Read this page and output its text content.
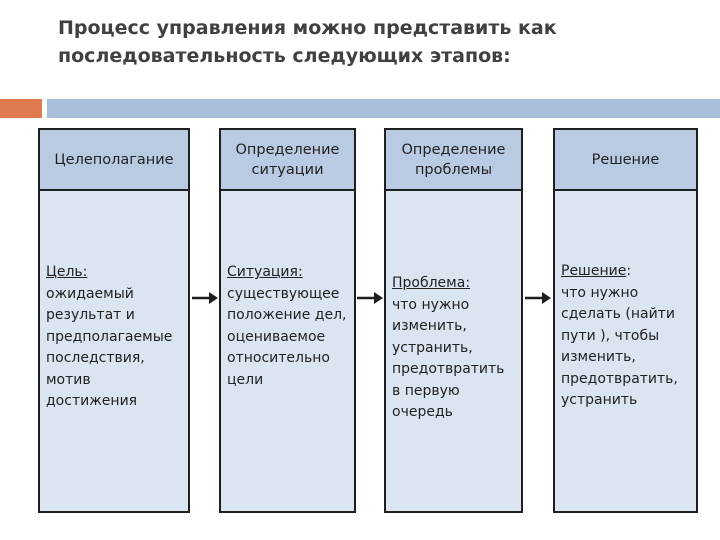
Процесс управления можно представить как
последовательность следующих этапов:
Целеполагание
Цель:
ожидаемый результат и предполагаемые последствия, мотив достижения
Определение
ситуации
Ситуация:
существующее положение дел, оцениваемое относительно цели
Определение
проблемы
Проблема:
что нужно изменить, устранить, предотвратить в первую очередь
Решение
Решение:
что нужно сделать (найти пути ), чтобы изменить, предотвратить, устранить
